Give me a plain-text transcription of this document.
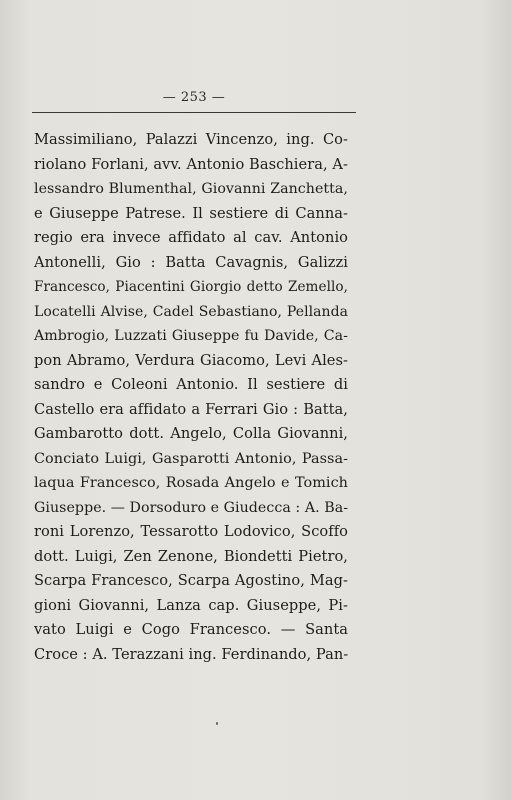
— 253 —
Massimiliano, Palazzi Vincenzo, ing. Co-
riolano Forlani, avv. Antonio Baschiera, A-
lessandro Blumenthal, Giovanni Zanchetta,
e Giuseppe Patrese. Il sestiere di Canna-
regio era invece affidato al cav. Antonio
Antonelli, Gio : Batta Cavagnis, Galizzi
Francesco, Piacentini Giorgio detto Zemello,
Locatelli Alvise, Cadel Sebastiano, Pellanda
Ambrogio, Luzzati Giuseppe fu Davide, Ca-
pon Abramo, Verdura Giacomo, Levi Ales-
sandro e Coleoni Antonio. Il sestiere di
Castello era affidato a Ferrari Gio : Batta,
Gambarotto dott. Angelo, Colla Giovanni,
Conciato Luigi, Gasparotti Antonio, Passa-
laqua Francesco, Rosada Angelo e Tomich
Giuseppe. — Dorsoduro e Giudecca : A. Ba-
roni Lorenzo, Tessarotto Lodovico, Scoffo
dott. Luigi, Zen Zenone, Biondetti Pietro,
Scarpa Francesco, Scarpa Agostino, Mag-
gioni Giovanni, Lanza cap. Giuseppe, Pi-
vato Luigi e Cogo Francesco. — Santa
Croce : A. Terazzani ing. Ferdinando, Pan-
